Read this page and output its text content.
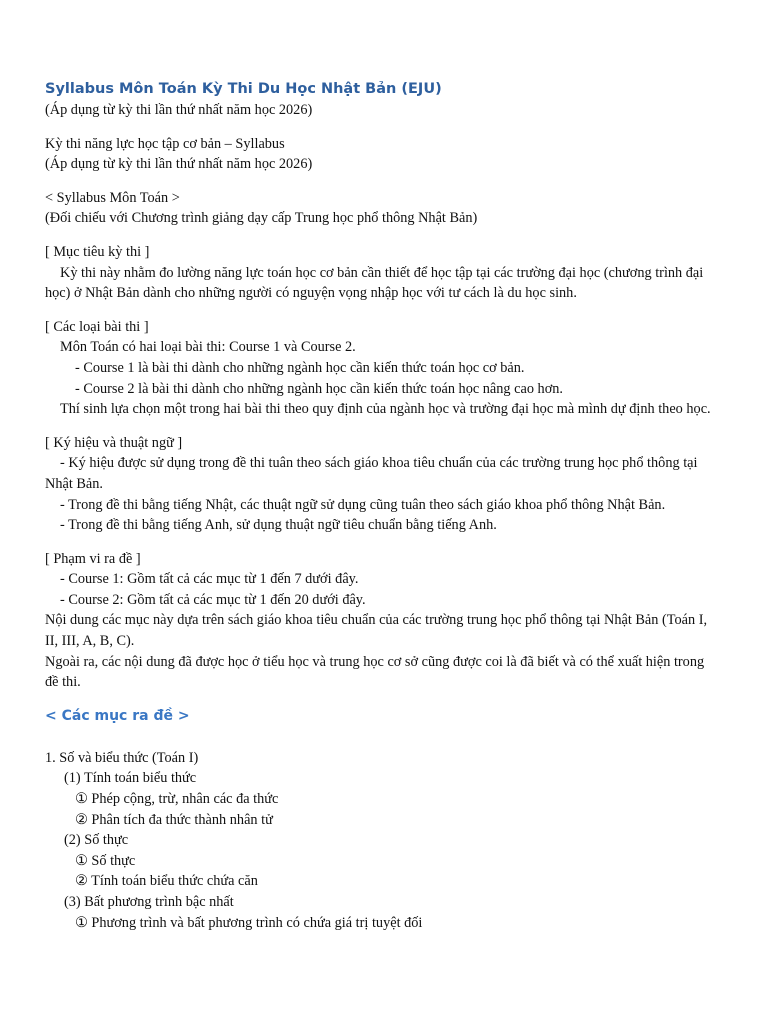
Syllabus Môn Toán Kỳ Thi Du Học Nhật Bản (EJU)

(Áp dụng từ kỳ thi lần thứ nhất năm học 2026)

Kỳ thi năng lực học tập cơ bản – Syllabus

(Áp dụng từ kỳ thi lần thứ nhất năm học 2026)

< Syllabus Môn Toán >

(Đối chiếu với Chương trình giảng dạy cấp Trung học phổ thông Nhật Bản)

[ Mục tiêu kỳ thi ]

Kỳ thi này nhằm đo lường năng lực toán học cơ bản cần thiết để học tập tại các trường đại học (chương trình đại học) ở Nhật Bản dành cho những người có nguyện vọng nhập học với tư cách là du học sinh.

[ Các loại bài thi ]

Môn Toán có hai loại bài thi: Course 1 và Course 2.

- Course 1 là bài thi dành cho những ngành học cần kiến thức toán học cơ bản.

- Course 2 là bài thi dành cho những ngành học cần kiến thức toán học nâng cao hơn.

Thí sinh lựa chọn một trong hai bài thi theo quy định của ngành học và trường đại học mà mình dự định theo học.

[ Ký hiệu và thuật ngữ ]

- Ký hiệu được sử dụng trong đề thi tuân theo sách giáo khoa tiêu chuẩn của các trường trung học phổ thông tại Nhật Bản.

- Trong đề thi bằng tiếng Nhật, các thuật ngữ sử dụng cũng tuân theo sách giáo khoa phổ thông Nhật Bản.

- Trong đề thi bằng tiếng Anh, sử dụng thuật ngữ tiêu chuẩn bằng tiếng Anh.

[ Phạm vi ra đề ]

- Course 1: Gồm tất cả các mục từ 1 đến 7 dưới đây.

- Course 2: Gồm tất cả các mục từ 1 đến 20 dưới đây.

Nội dung các mục này dựa trên sách giáo khoa tiêu chuẩn của các trường trung học phổ thông tại Nhật Bản (Toán I, II, III, A, B, C).

Ngoài ra, các nội dung đã được học ở tiểu học và trung học cơ sở cũng được coi là đã biết và có thể xuất hiện trong đề thi.

< Các mục ra đề >

1. Số và biểu thức (Toán I)

(1) Tính toán biểu thức

① Phép cộng, trừ, nhân các đa thức

② Phân tích đa thức thành nhân tử

(2) Số thực

① Số thực

② Tính toán biểu thức chứa căn

(3) Bất phương trình bậc nhất

① Phương trình và bất phương trình có chứa giá trị tuyệt đối
